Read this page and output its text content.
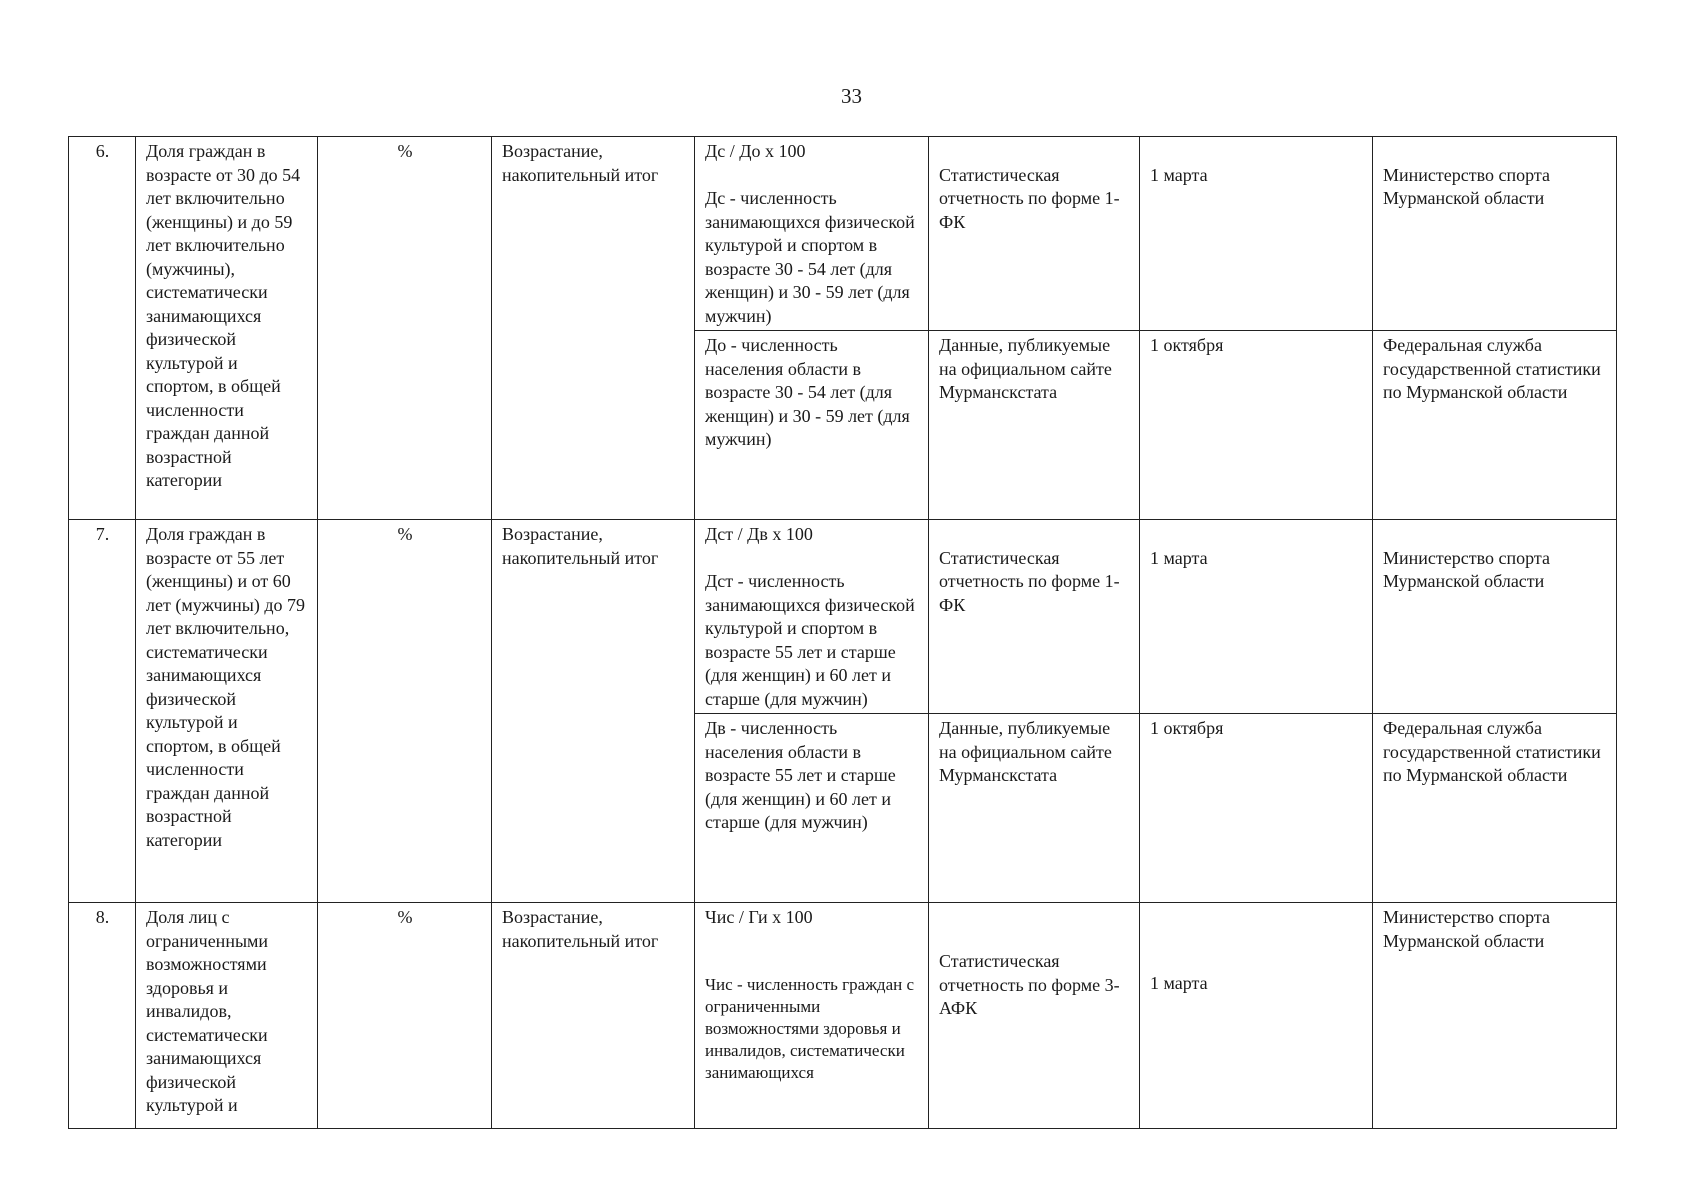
33
6.	Доля граждан в возрасте от 30 до 54 лет включительно (женщины) и до 59 лет включительно (мужчины), систематически занимающихся физической культурой и спортом, в общей численности граждан данной возрастной категории	%	Возрастание, накопительный итог	Дс / До х 100
Дс - численность занимающихся физической культурой и спортом в возрасте 30 - 54 лет (для женщин) и 30 - 59 лет (для мужчин)	Статистическая отчетность по форме 1-ФК	1 марта	Министерство спорта Мурманской области

				До - численность населения области в возрасте 30 - 54 лет (для женщин) и 30 - 59 лет (для мужчин)	Данные, публикуемые на официальном сайте Мурманскстата	1 октября	Федеральная служба государственной статистики по Мурманской области
7.	Доля граждан в возрасте от 55 лет (женщины) и от 60 лет (мужчины) до 79 лет включительно, систематически занимающихся физической культурой и спортом, в общей численности граждан данной возрастной категории	%	Возрастание, накопительный итог	Дст / Дв х 100
Дст - численность занимающихся физической культурой и спортом в возрасте 55 лет и старше (для женщин) и 60 лет и старше (для мужчин)	Статистическая отчетность по форме 1-ФК	1 марта	Министерство спорта Мурманской области

				Дв - численность населения области в возрасте 55 лет и старше (для женщин) и 60 лет и старше (для мужчин)	Данные, публикуемые на официальном сайте Мурманскстата	1 октября	Федеральная служба государственной статистики по Мурманской области
8.	Доля лиц с ограниченными возможностями здоровья и инвалидов, систематически занимающихся физической культурой и	%	Возрастание, накопительный итог	Чис / Ги х 100
Чис - численность граждан с ограниченными возможностями здоровья и инвалидов, систематически занимающихся	Статистическая отчетность по форме 3-АФК	1 марта	Министерство спорта Мурманской области
